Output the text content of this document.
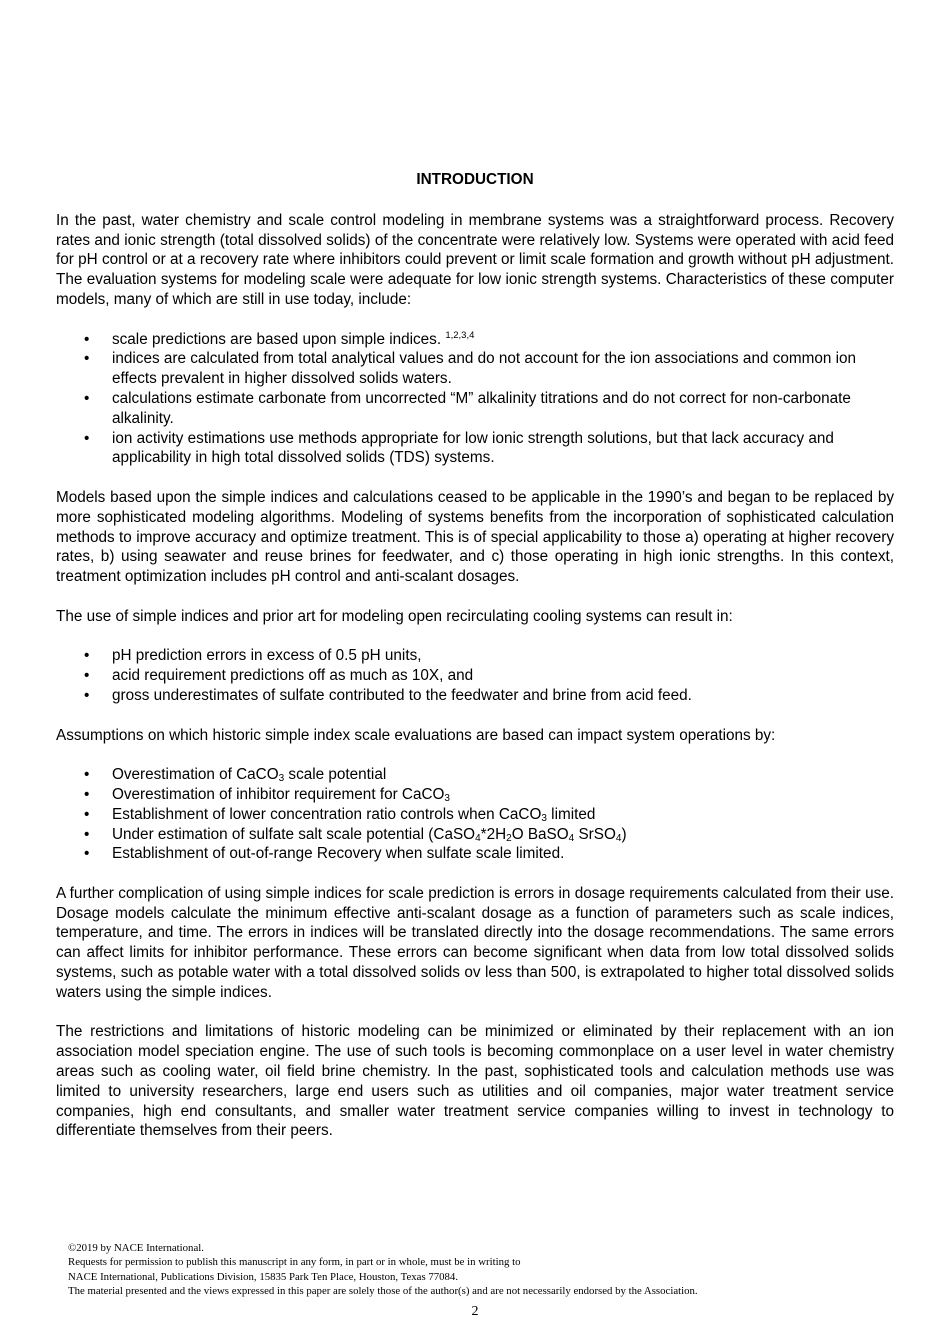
INTRODUCTION

In the past, water chemistry and scale control modeling in membrane systems was a straightforward process. Recovery rates and ionic strength (total dissolved solids) of the concentrate were relatively low. Systems were operated with acid feed for pH control or at a recovery rate where inhibitors could prevent or limit scale formation and growth without pH adjustment. The evaluation systems for modeling scale were adequate for low ionic strength systems. Characteristics of these computer models, many of which are still in use today, include:

• scale predictions are based upon simple indices. $^{1,2,3,4}$
• indices are calculated from total analytical values and do not account for the ion associations and common ion effects prevalent in higher dissolved solids waters.
• calculations estimate carbonate from uncorrected “M” alkalinity titrations and do not correct for non-carbonate alkalinity.
• ion activity estimations use methods appropriate for low ionic strength solutions, but that lack accuracy and applicability in high total dissolved solids (TDS) systems.

Models based upon the simple indices and calculations ceased to be applicable in the 1990’s and began to be replaced by more sophisticated modeling algorithms. Modeling of systems benefits from the incorporation of sophisticated calculation methods to improve accuracy and optimize treatment. This is of special applicability to those a) operating at higher recovery rates, b) using seawater and reuse brines for feedwater, and c) those operating in high ionic strengths. In this context, treatment optimization includes pH control and anti-scalant dosages.

The use of simple indices and prior art for modeling open recirculating cooling systems can result in:

• pH prediction errors in excess of 0.5 pH units,
• acid requirement predictions off as much as 10X, and
• gross underestimates of sulfate contributed to the feedwater and brine from acid feed.

Assumptions on which historic simple index scale evaluations are based can impact system operations by:

• Overestimation of CaCO$_3$ scale potential
• Overestimation of inhibitor requirement for CaCO$_3$
• Establishment of lower concentration ratio controls when CaCO$_3$ limited
• Under estimation of sulfate salt scale potential ($CaSO_4*2H_2O$ BaSO$_4$ SrSO$_4$)
• Establishment of out-of-range Recovery when sulfate scale limited.

A further complication of using simple indices for scale prediction is errors in dosage requirements calculated from their use. Dosage models calculate the minimum effective anti-scalant dosage as a function of parameters such as scale indices, temperature, and time. The errors in indices will be translated directly into the dosage recommendations. The same errors can affect limits for inhibitor performance. These errors can become significant when data from low total dissolved solids systems, such as potable water with a total dissolved solids ov less than 500, is extrapolated to higher total dissolved solids waters using the simple indices.

The restrictions and limitations of historic modeling can be minimized or eliminated by their replacement with an ion association model speciation engine. The use of such tools is becoming commonplace on a user level in water chemistry areas such as cooling water, oil field brine chemistry. In the past, sophisticated tools and calculation methods use was limited to university researchers, large end users such as utilities and oil companies, major water treatment service companies, high end consultants, and smaller water treatment service companies willing to invest in technology to differentiate themselves from their peers.

©2019 by NACE International.
Requests for permission to publish this manuscript in any form, in part or in whole, must be in writing to
NACE International, Publications Division, 15835 Park Ten Place, Houston, Texas 77084.
The material presented and the views expressed in this paper are solely those of the author(s) and are not necessarily endorsed by the Association.
2
